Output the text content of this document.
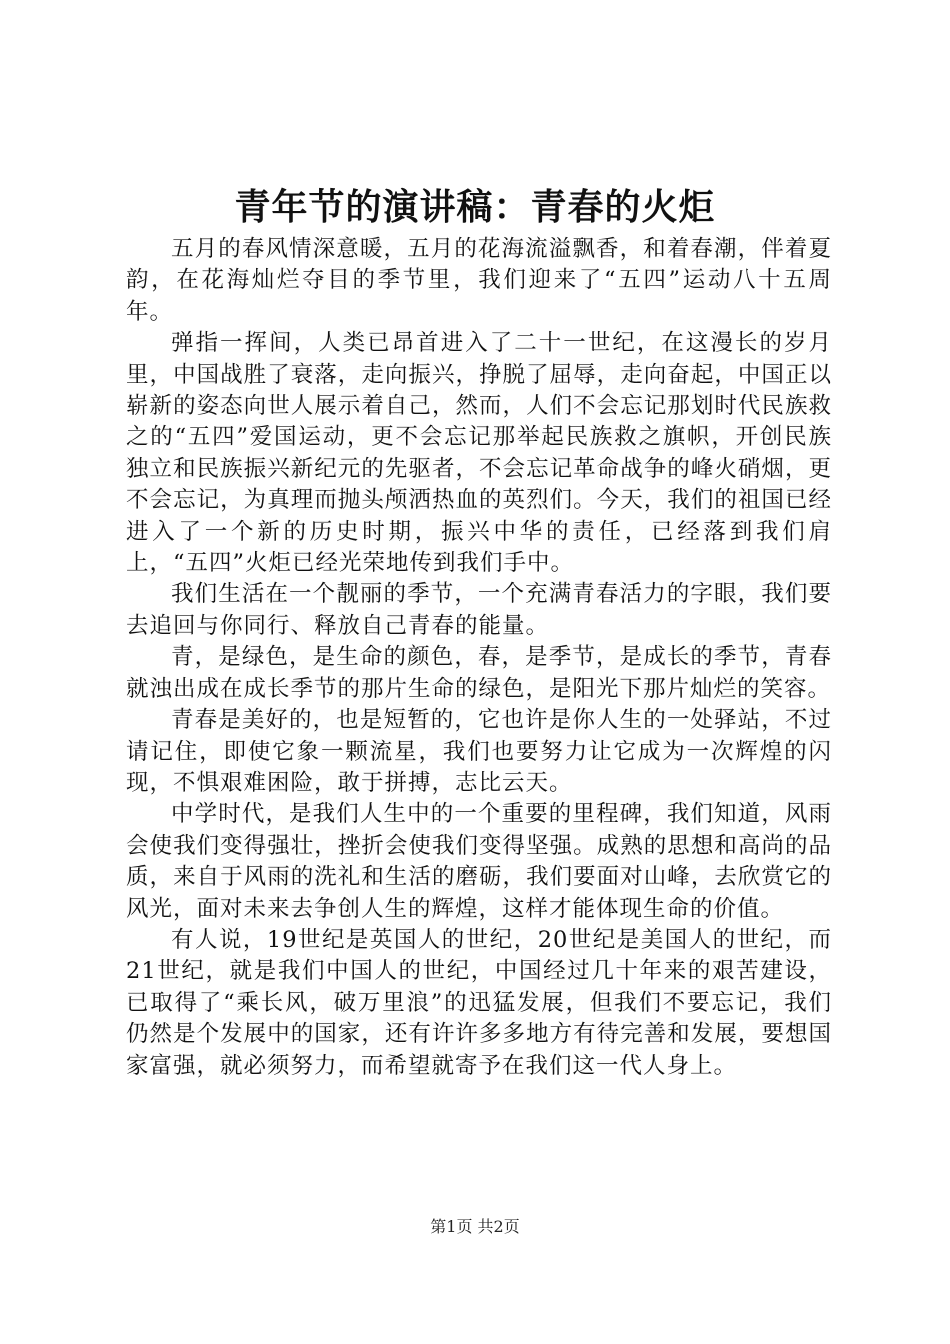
青年节的演讲稿：青春的火炬

五月的春风情深意暖，五月的花海流溢飘香，和着春潮，伴着夏韵，在花海灿烂夺目的季节里，我们迎来了“五四”运动八十五周年。

弹指一挥间，人类已昂首进入了二十一世纪，在这漫长的岁月里，中国战胜了衰落，走向振兴，挣脱了屈辱，走向奋起，中国正以崭新的姿态向世人展示着自己，然而，人们不会忘记那划时代民族救之的“五四”爱国运动，更不会忘记那举起民族救之旗帜，开创民族独立和民族振兴新纪元的先驱者，不会忘记革命战争的峰火硝烟，更不会忘记，为真理而抛头颅洒热血的英烈们。今天，我们的祖国已经进入了一个新的历史时期，振兴中华的责任，已经落到我们肩上，“五四”火炬已经光荣地传到我们手中。

我们生活在一个靓丽的季节，一个充满青春活力的字眼，我们要去追回与你同行、释放自己青春的能量。

青，是绿色，是生命的颜色，春，是季节，是成长的季节，青春就浊出成在成长季节的那片生命的绿色，是阳光下那片灿烂的笑容。

青春是美好的，也是短暂的，它也许是你人生的一处驿站，不过请记住，即使它象一颗流星，我们也要努力让它成为一次辉煌的闪现，不惧艰难困险，敢于拼搏，志比云天。

中学时代，是我们人生中的一个重要的里程碑，我们知道，风雨会使我们变得强壮，挫折会使我们变得坚强。成熟的思想和高尚的品质，来自于风雨的洗礼和生活的磨砺，我们要面对山峰，去欣赏它的风光，面对未来去争创人生的辉煌，这样才能体现生命的价值。

有人说，19世纪是英国人的世纪，20世纪是美国人的世纪，而21世纪，就是我们中国人的世纪，中国经过几十年来的艰苦建设，已取得了“乘长风，破万里浪”的迅猛发展，但我们不要忘记，我们仍然是个发展中的国家，还有许许多多地方有待完善和发展，要想国家富强，就必须努力，而希望就寄予在我们这一代人身上。

第1页 共2页
